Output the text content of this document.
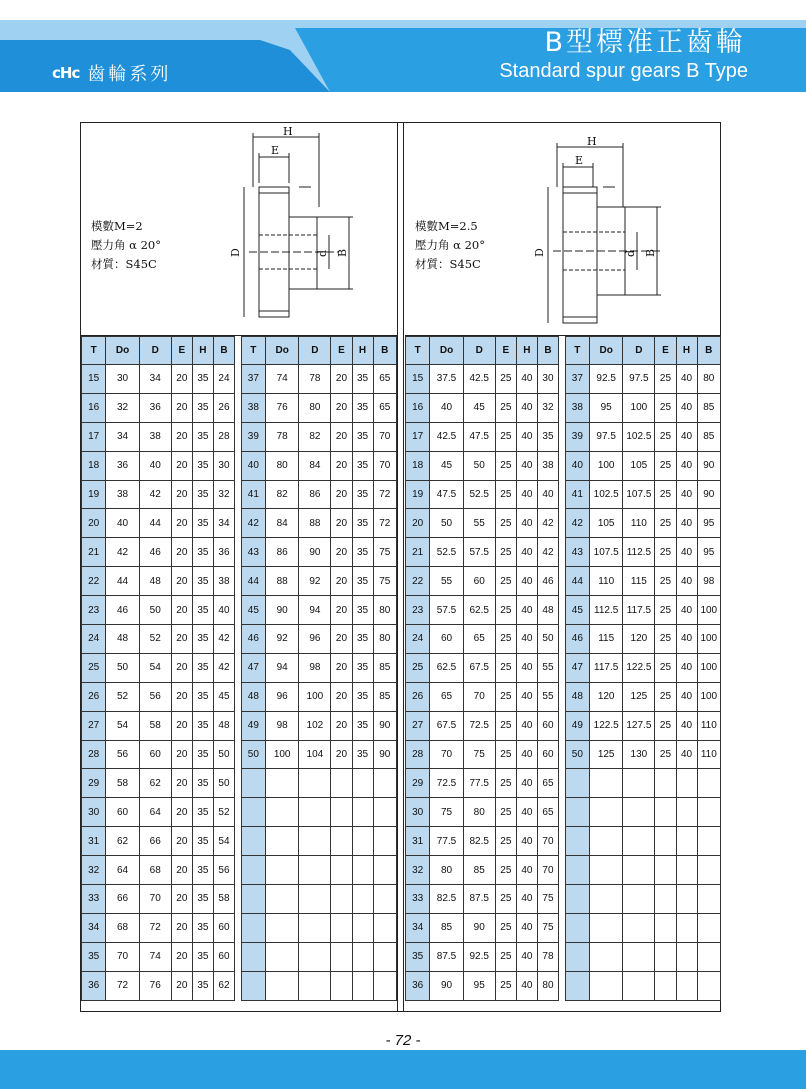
cHc 齒輪系列
B型標准正齒輪
Standard spur gears B Type
模數M=2
壓力角 α 20°
材質：S45C
H
E
D	d B
T	Do	D	E	H	B		T	Do	D	E	H	B
15	30	34	20	35	24		37	74	78	20	35	65
16	32	36	20	35	26		38	76	80	20	35	65
17	34	38	20	35	28		39	78	82	20	35	70
18	36	40	20	35	30		40	80	84	20	35	70
19	38	42	20	35	32		41	82	86	20	35	72
20	40	44	20	35	34		42	84	88	20	35	72
21	42	46	20	35	36		43	86	90	20	35	75
22	44	48	20	35	38		44	88	92	20	35	75
23	46	50	20	35	40		45	90	94	20	35	80
24	48	52	20	35	42		46	92	96	20	35	80
25	50	54	20	35	42		47	94	98	20	35	85
26	52	56	20	35	45		48	96	100	20	35	85
27	54	58	20	35	48		49	98	102	20	35	90
28	56	60	20	35	50		50	100	104	20	35	90
29	58	62	20	35	50							
30	60	64	20	35	52							
31	62	66	20	35	54							
32	64	68	20	35	56							
33	66	70	20	35	58							
34	68	72	20	35	60							
35	70	74	20	35	60							
36	72	76	20	35	62							
模數M=2.5
壓力角 α 20°
材質：S45C
H
E
D	d B
T	Do	D	E	H	B		T	Do	D	E	H	B
15	37.5	42.5	25	40	30		37	92.5	97.5	25	40	80
16	40	45	25	40	32		38	95	100	25	40	85
17	42.5	47.5	25	40	35		39	97.5	102.5	25	40	85
18	45	50	25	40	38		40	100	105	25	40	90
19	47.5	52.5	25	40	40		41	102.5	107.5	25	40	90
20	50	55	25	40	42		42	105	110	25	40	95
21	52.5	57.5	25	40	42		43	107.5	112.5	25	40	95
22	55	60	25	40	46		44	110	115	25	40	98
23	57.5	62.5	25	40	48		45	112.5	117.5	25	40	100
24	60	65	25	40	50		46	115	120	25	40	100
25	62.5	67.5	25	40	55		47	117.5	122.5	25	40	100
26	65	70	25	40	55		48	120	125	25	40	100
27	67.5	72.5	25	40	60		49	122.5	127.5	25	40	110
28	70	75	25	40	60		50	125	130	25	40	110
29	72.5	77.5	25	40	65							
30	75	80	25	40	65							
31	77.5	82.5	25	40	70							
32	80	85	25	40	70							
33	82.5	87.5	25	40	75							
34	85	90	25	40	75							
35	87.5	92.5	25	40	78							
36	90	95	25	40	80							
- 72 -
